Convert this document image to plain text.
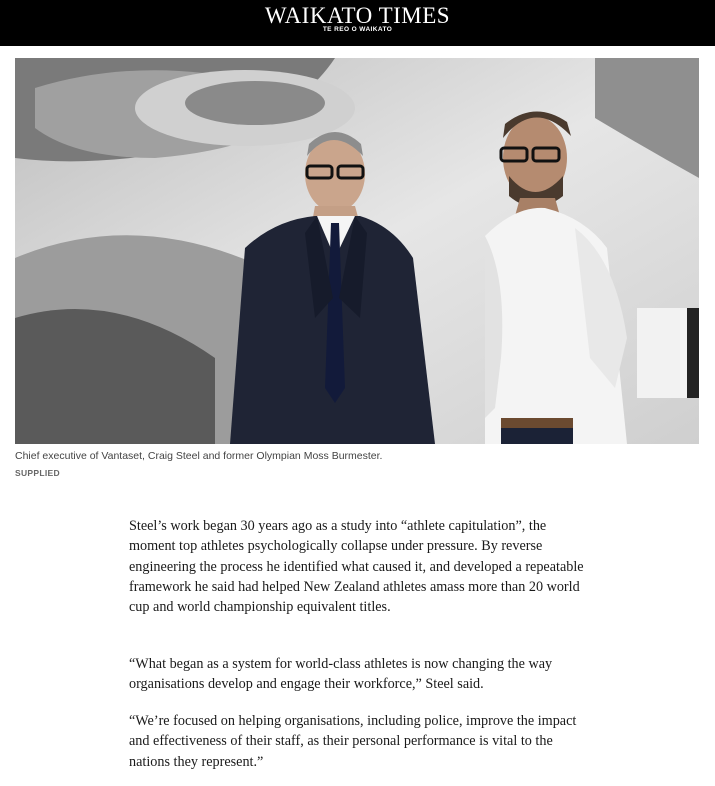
WAIKATO TIMES
TE REO O WAIKATO
Chief executive of Vantaset, Craig Steel and former Olympian Moss Burmester.
SUPPLIED

Steel’s work began 30 years ago as a study into “athlete capitulation”, the moment top athletes psychologically collapse under pressure. By reverse engineering the process he identified what caused it, and developed a repeatable framework he said had helped New Zealand athletes amass more than 20 world cup and world championship equivalent titles.

“What began as a system for world-class athletes is now changing the way organisations develop and engage their workforce,” Steel said.

“We’re focused on helping organisations, including police, improve the impact and effectiveness of their staff, as their personal performance is vital to the nations they represent.”
